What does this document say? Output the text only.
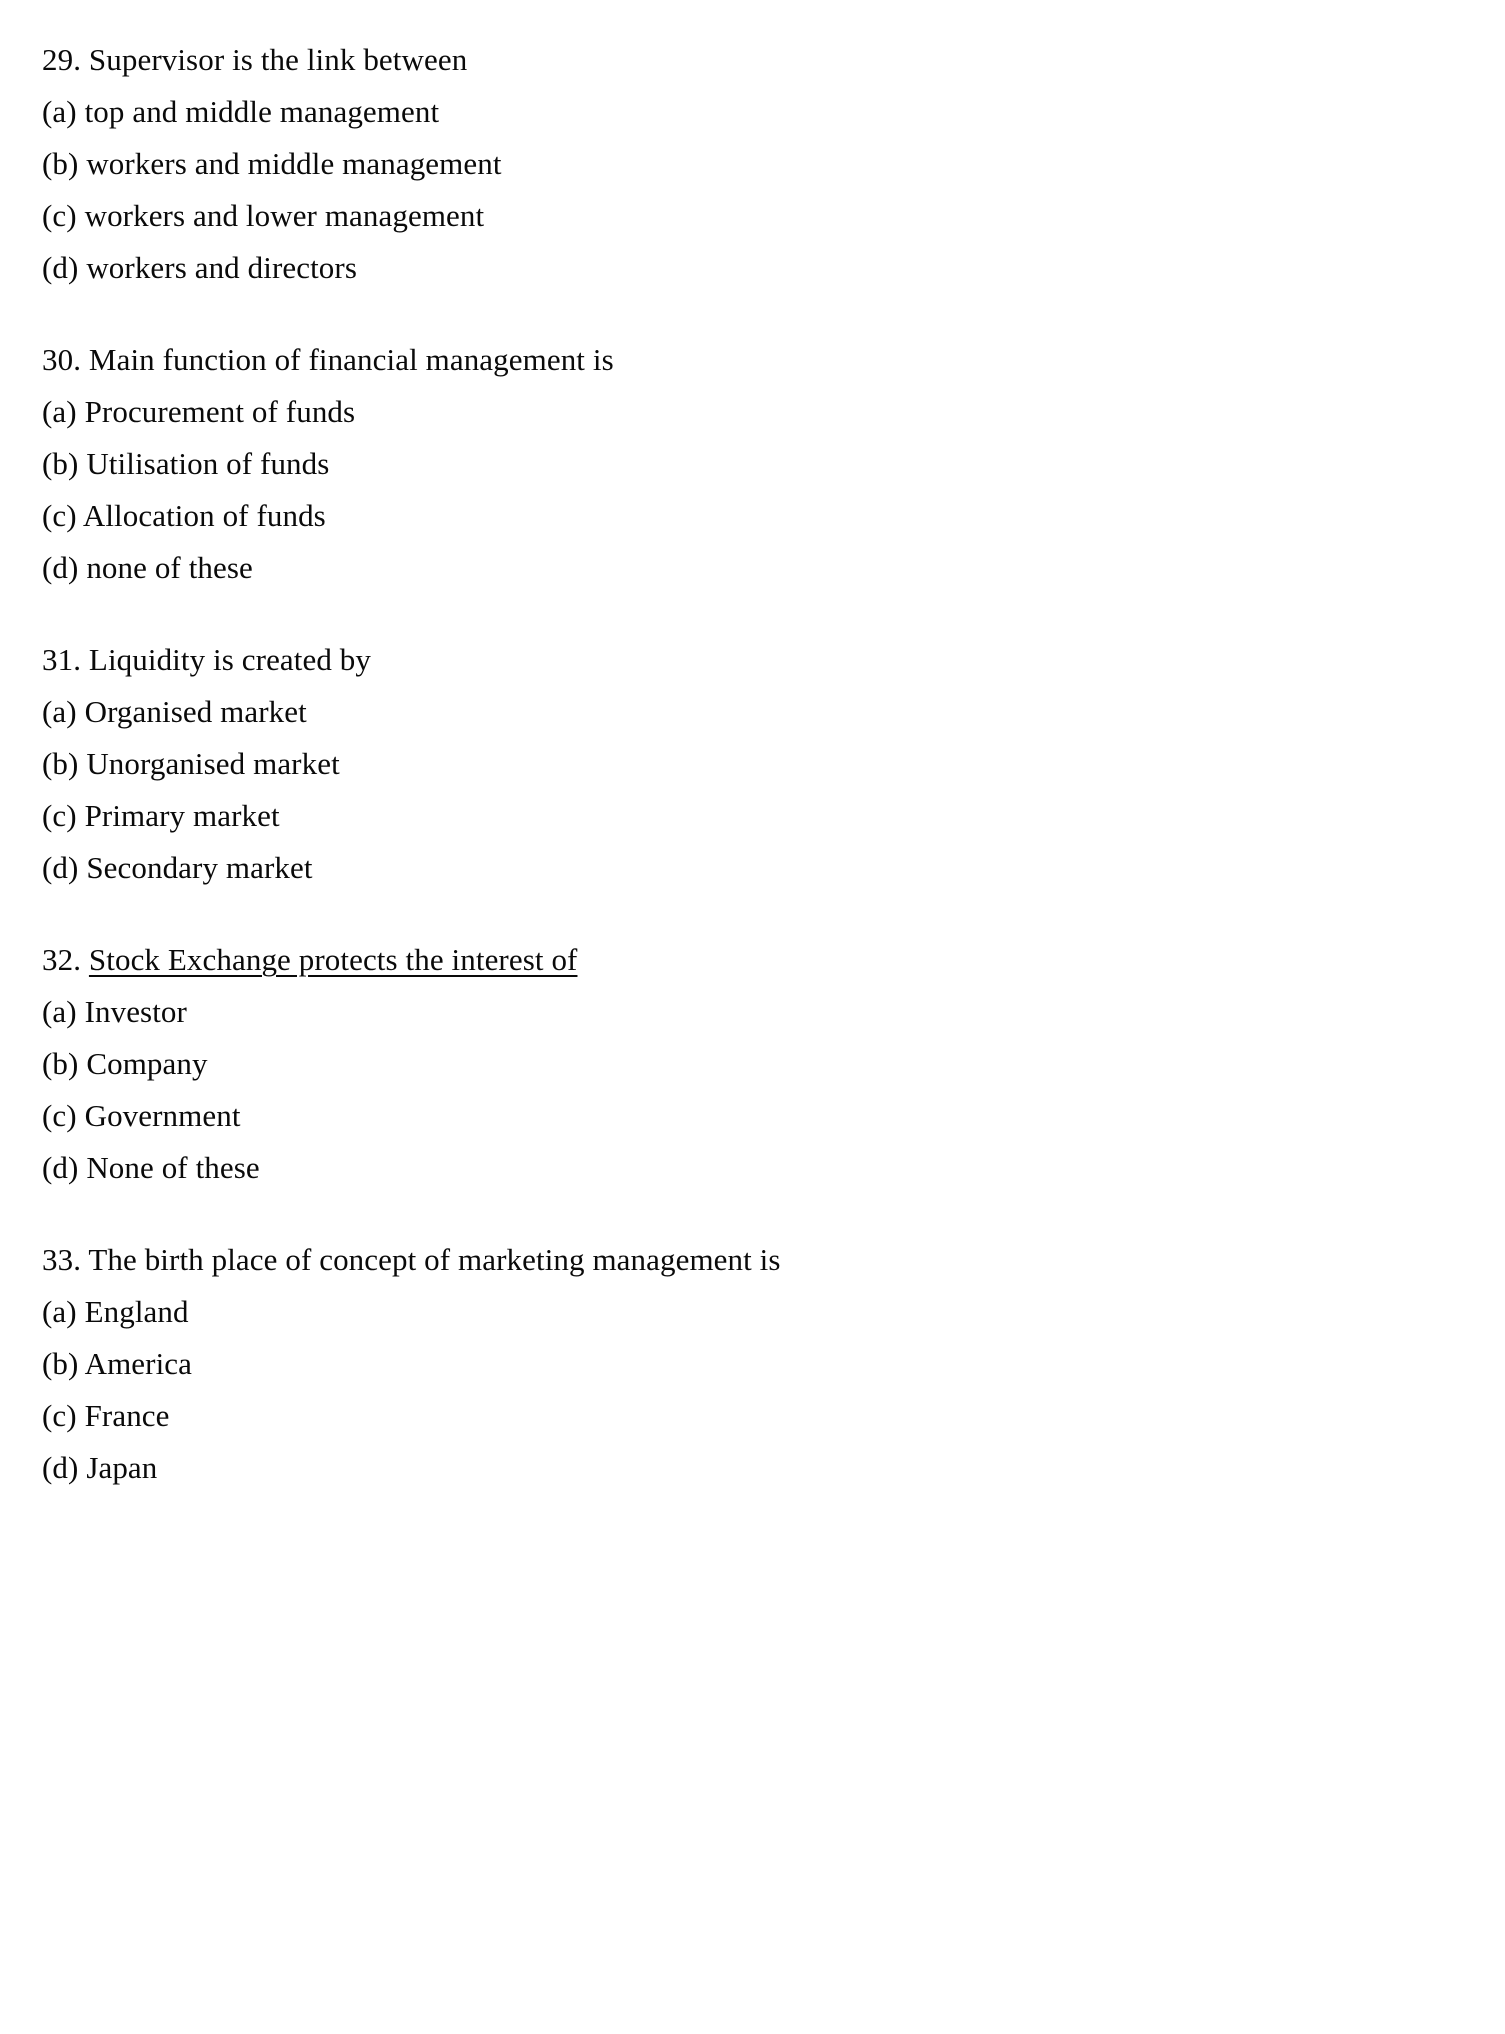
29. Supervisor is the link between
(a) top and middle management
(b) workers and middle management
(c) workers and lower management
(d) workers and directors
30. Main function of financial management is
(a) Procurement of funds
(b) Utilisation of funds
(c) Allocation of funds
(d) none of these
31. Liquidity is created by
(a) Organised market
(b) Unorganised market
(c) Primary market
(d) Secondary market
32. Stock Exchange protects the interest of
(a) Investor
(b) Company
(c) Government
(d) None of these
33. The birth place of concept of marketing management is
(a) England
(b) America
(c) France
(d) Japan
